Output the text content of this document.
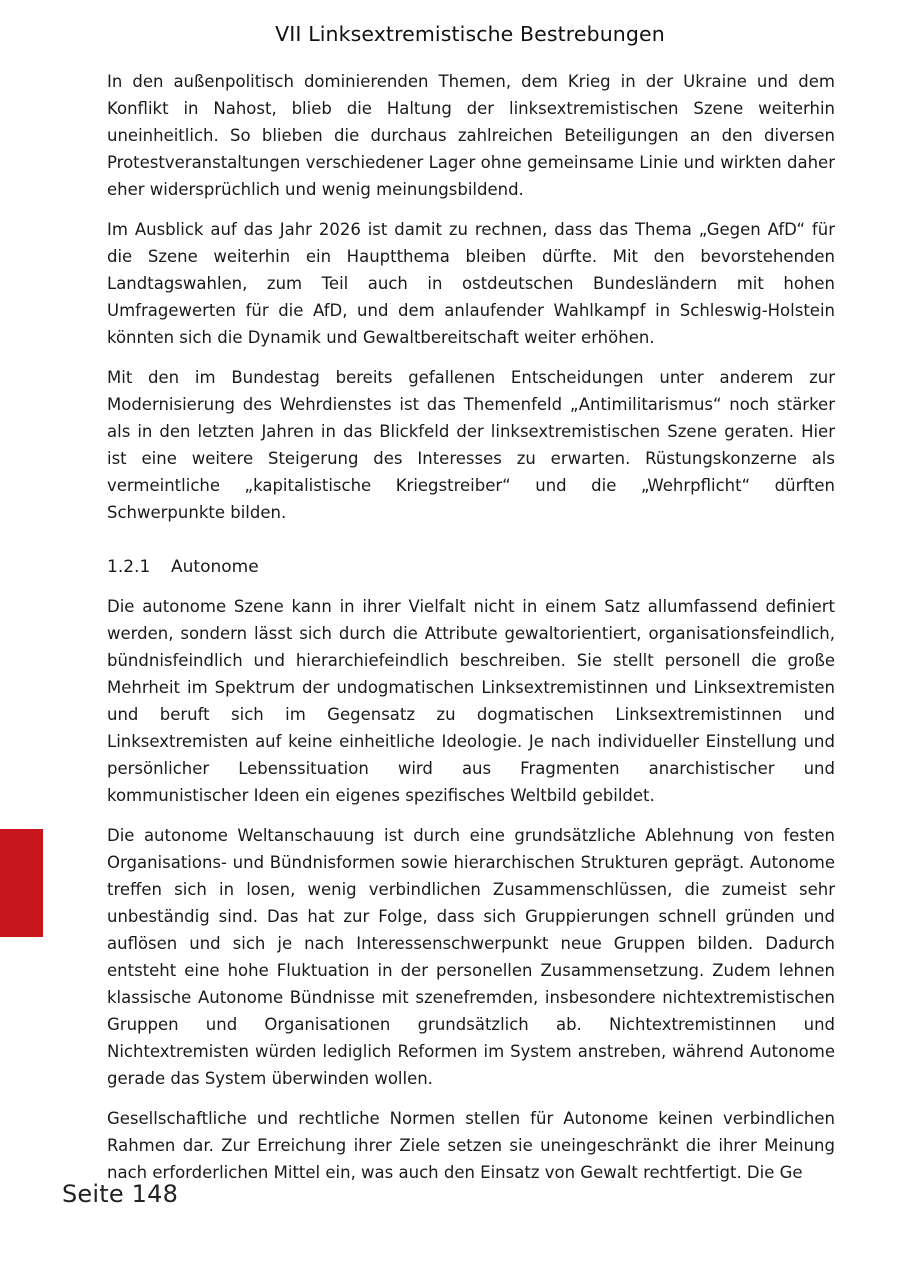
VII Linksextremistische Bestrebungen

In den außenpolitisch dominierenden Themen, dem Krieg in der Ukraine und dem Konflikt in Nahost, blieb die Haltung der linksextremistischen Szene weiterhin uneinheitlich. So blieben die durchaus zahlreichen Beteiligungen an den diversen Protestveranstaltungen verschiedener Lager ohne gemeinsame Linie und wirkten daher eher widersprüchlich und wenig meinungsbildend.

Im Ausblick auf das Jahr 2026 ist damit zu rechnen, dass das Thema „Gegen AfD“ für die Szene weiterhin ein Hauptthema bleiben dürfte. Mit den bevorstehenden Landtagswahlen, zum Teil auch in ostdeutschen Bundesländern mit hohen Umfragewerten für die AfD, und dem anlaufender Wahlkampf in Schleswig-Holstein könnten sich die Dynamik und Gewaltbereitschaft weiter erhöhen.

Mit den im Bundestag bereits gefallenen Entscheidungen unter anderem zur Modernisierung des Wehrdienstes ist das Themenfeld „Antimilitarismus“ noch stärker als in den letzten Jahren in das Blickfeld der linksextremistischen Szene geraten. Hier ist eine weitere Steigerung des Interesses zu erwarten. Rüstungskonzerne als vermeintliche „kapitalistische Kriegstreiber“ und die „Wehrpflicht“ dürften Schwerpunkte bilden.

1.2.1	Autonome

Die autonome Szene kann in ihrer Vielfalt nicht in einem Satz allumfassend definiert werden, sondern lässt sich durch die Attribute gewaltorientiert, organisationsfeindlich, bündnisfeindlich und hierarchiefeindlich beschreiben. Sie stellt personell die große Mehrheit im Spektrum der undogmatischen Linksextremistinnen und Linksextremisten und beruft sich im Gegensatz zu dogmatischen Linksextremistinnen und Linksextremisten auf keine einheitliche Ideologie. Je nach individueller Einstellung und persönlicher Lebenssituation wird aus Fragmenten anarchistischer und kommunistischer Ideen ein eigenes spezifisches Weltbild gebildet.

Die autonome Weltanschauung ist durch eine grundsätzliche Ablehnung von festen Organisations- und Bündnisformen sowie hierarchischen Strukturen geprägt. Autonome treffen sich in losen, wenig verbindlichen Zusammenschlüssen, die zumeist sehr unbeständig sind. Das hat zur Folge, dass sich Gruppierungen schnell gründen und auflösen und sich je nach Interessenschwerpunkt neue Gruppen bilden. Dadurch entsteht eine hohe Fluktuation in der personellen Zusammensetzung. Zudem lehnen klassische Autonome Bündnisse mit szenefremden, insbesondere nichtextremistischen Gruppen und Organisationen grundsätzlich ab. Nichtextremistinnen und Nichtextremisten würden lediglich Reformen im System anstreben, während Autonome gerade das System überwinden wollen.

Gesellschaftliche und rechtliche Normen stellen für Autonome keinen verbindlichen Rahmen dar. Zur Erreichung ihrer Ziele setzen sie uneingeschränkt die ihrer Meinung nach erforderlichen Mittel ein, was auch den Einsatz von Gewalt rechtfertigt. Die Ge

Seite 148
